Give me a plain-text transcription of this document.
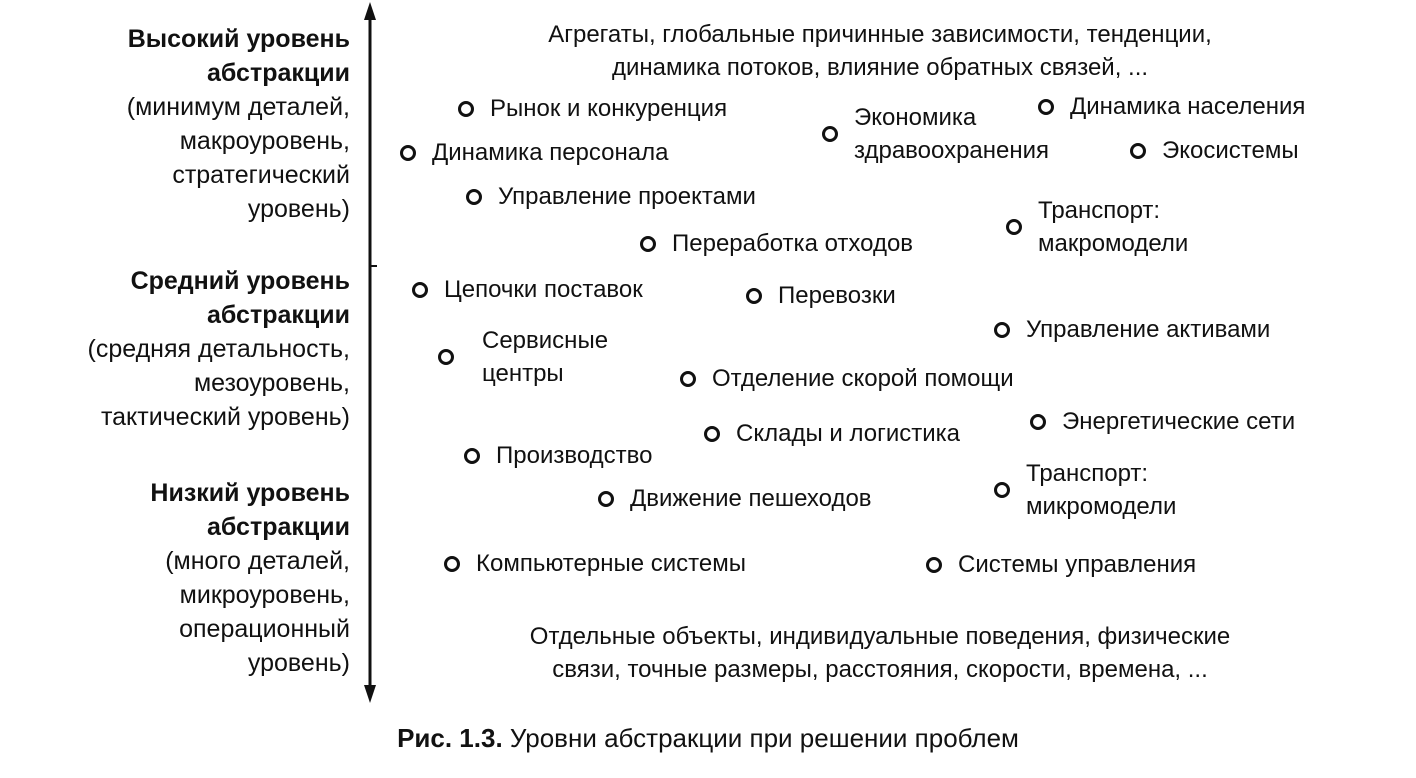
Высокий уровень
абстракции
(минимум деталей,
макроуровень,
стратегический
уровень)
Средний уровень
абстракции
(средняя детальность,
мезоуровень,
тактический уровень)
Низкий уровень
абстракции
(много деталей,
микроуровень,
операционный
уровень)
Агрегаты, глобальные причинные зависимости, тенденции,
динамика потоков, влияние обратных связей, ...
Отдельные объекты, индивидуальные поведения, физические
связи, точные размеры, расстояния, скорости, времена, ...
Рынок и конкуренция	Экономика
здравоохранения
Динамика населения
Динамика персонала	Экосистемы
Управление проектами
Транспорт:
макромодели
Переработка отходов
Цепочки поставок	Перевозки
Управление активами
Сервисные
центры	Отделение скорой помощи
Склады и логистика	Энергетические сети
Производство
Транспорт:
микромодели
Движение пешеходов
Компьютерные системы	Системы управления
Рис. 1.3. Уровни абстракции при решении проблем
